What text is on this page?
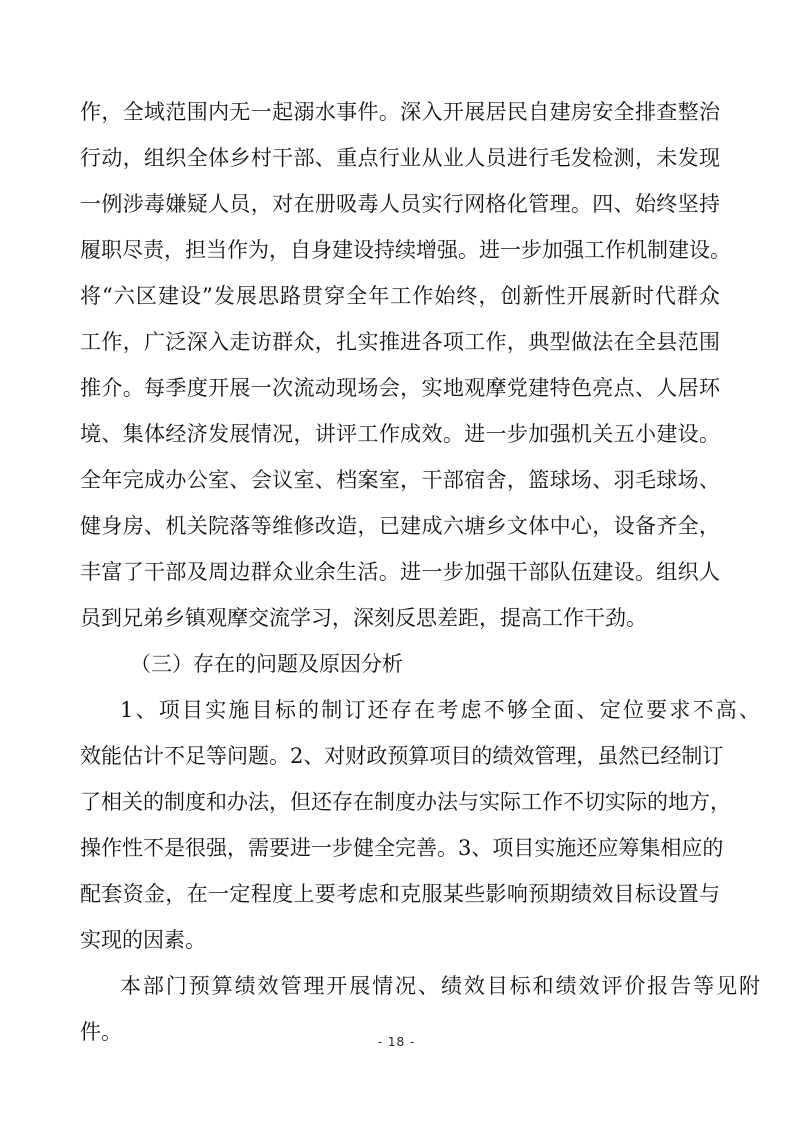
作，全域范围内无一起溺水事件。深入开展居民自建房安全排查整治
行动，组织全体乡村干部、重点行业从业人员进行毛发检测，未发现
一例涉毒嫌疑人员，对在册吸毒人员实行网格化管理。四、始终坚持
履职尽责，担当作为，自身建设持续增强。进一步加强工作机制建设。
将“六区建设”发展思路贯穿全年工作始终，创新性开展新时代群众
工作，广泛深入走访群众，扎实推进各项工作，典型做法在全县范围
推介。每季度开展一次流动现场会，实地观摩党建特色亮点、人居环
境、集体经济发展情况，讲评工作成效。进一步加强机关五小建设。
全年完成办公室、会议室、档案室，干部宿舍，篮球场、羽毛球场、
健身房、机关院落等维修改造，已建成六塘乡文体中心，设备齐全，
丰富了干部及周边群众业余生活。进一步加强干部队伍建设。组织人
员到兄弟乡镇观摩交流学习，深刻反思差距，提高工作干劲。
（三）存在的问题及原因分析
1、项目实施目标的制订还存在考虑不够全面、定位要求不高、
效能估计不足等问题。2、对财政预算项目的绩效管理，虽然已经制订
了相关的制度和办法，但还存在制度办法与实际工作不切实际的地方，
操作性不是很强，需要进一步健全完善。3、项目实施还应筹集相应的
配套资金，在一定程度上要考虑和克服某些影响预期绩效目标设置与
实现的因素。
本部门预算绩效管理开展情况、绩效目标和绩效评价报告等见附
件。	- 18 -
